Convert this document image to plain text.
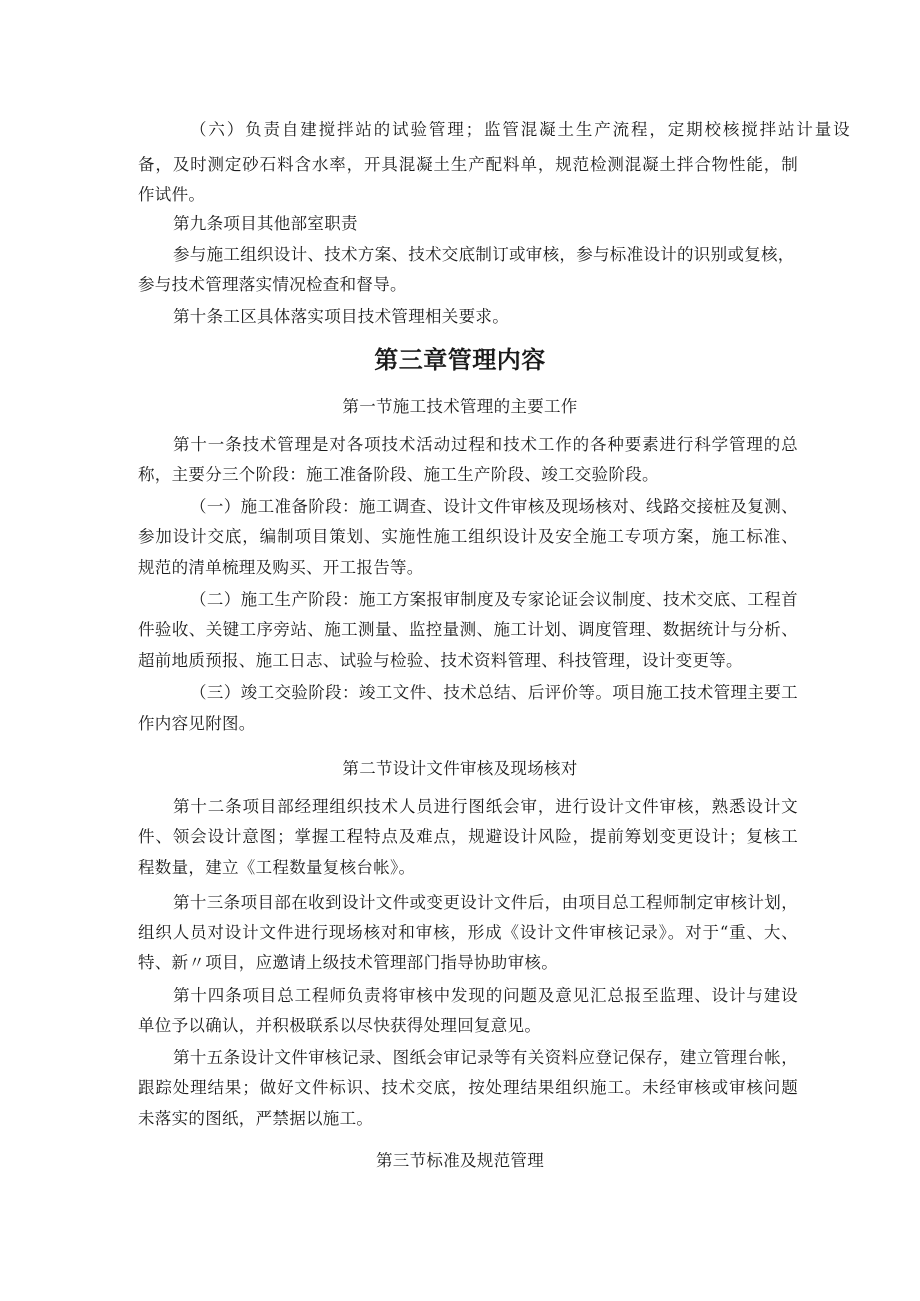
（六）负责自建搅拌站的试验管理；监管混凝土生产流程，定期校核搅拌站计量设
备，及时测定砂石料含水率，开具混凝土生产配料单，规范检测混凝土拌合物性能，制
作试件。
第九条项目其他部室职责
参与施工组织设计、技术方案、技术交底制订或审核，参与标准设计的识别或复核，
参与技术管理落实情况检查和督导。
第十条工区具体落实项目技术管理相关要求。
第三章管理内容
第一节施工技术管理的主要工作
第十一条技术管理是对各项技术活动过程和技术工作的各种要素进行科学管理的总
称，主要分三个阶段：施工准备阶段、施工生产阶段、竣工交验阶段。
（一）施工准备阶段：施工调查、设计文件审核及现场核对、线路交接桩及复测、
参加设计交底，编制项目策划、实施性施工组织设计及安全施工专项方案，施工标准、
规范的清单梳理及购买、开工报告等。
（二）施工生产阶段：施工方案报审制度及专家论证会议制度、技术交底、工程首
件验收、关键工序旁站、施工测量、监控量测、施工计划、调度管理、数据统计与分析、
超前地质预报、施工日志、试验与检验、技术资料管理、科技管理，设计变更等。
（三）竣工交验阶段：竣工文件、技术总结、后评价等。项目施工技术管理主要工
作内容见附图。
第二节设计文件审核及现场核对
第十二条项目部经理组织技术人员进行图纸会审，进行设计文件审核，熟悉设计文
件、领会设计意图；掌握工程特点及难点，规避设计风险，提前筹划变更设计；复核工
程数量，建立《工程数量复核台帐》。
第十三条项目部在收到设计文件或变更设计文件后，由项目总工程师制定审核计划，
组织人员对设计文件进行现场核对和审核，形成《设计文件审核记录》。对于“重、大、
特、新〃项目，应邀请上级技术管理部门指导协助审核。
第十四条项目总工程师负责将审核中发现的问题及意见汇总报至监理、设计与建设
单位予以确认，并积极联系以尽快获得处理回复意见。
第十五条设计文件审核记录、图纸会审记录等有关资料应登记保存，建立管理台帐，
跟踪处理结果；做好文件标识、技术交底，按处理结果组织施工。未经审核或审核问题
未落实的图纸，严禁据以施工。
第三节标准及规范管理
